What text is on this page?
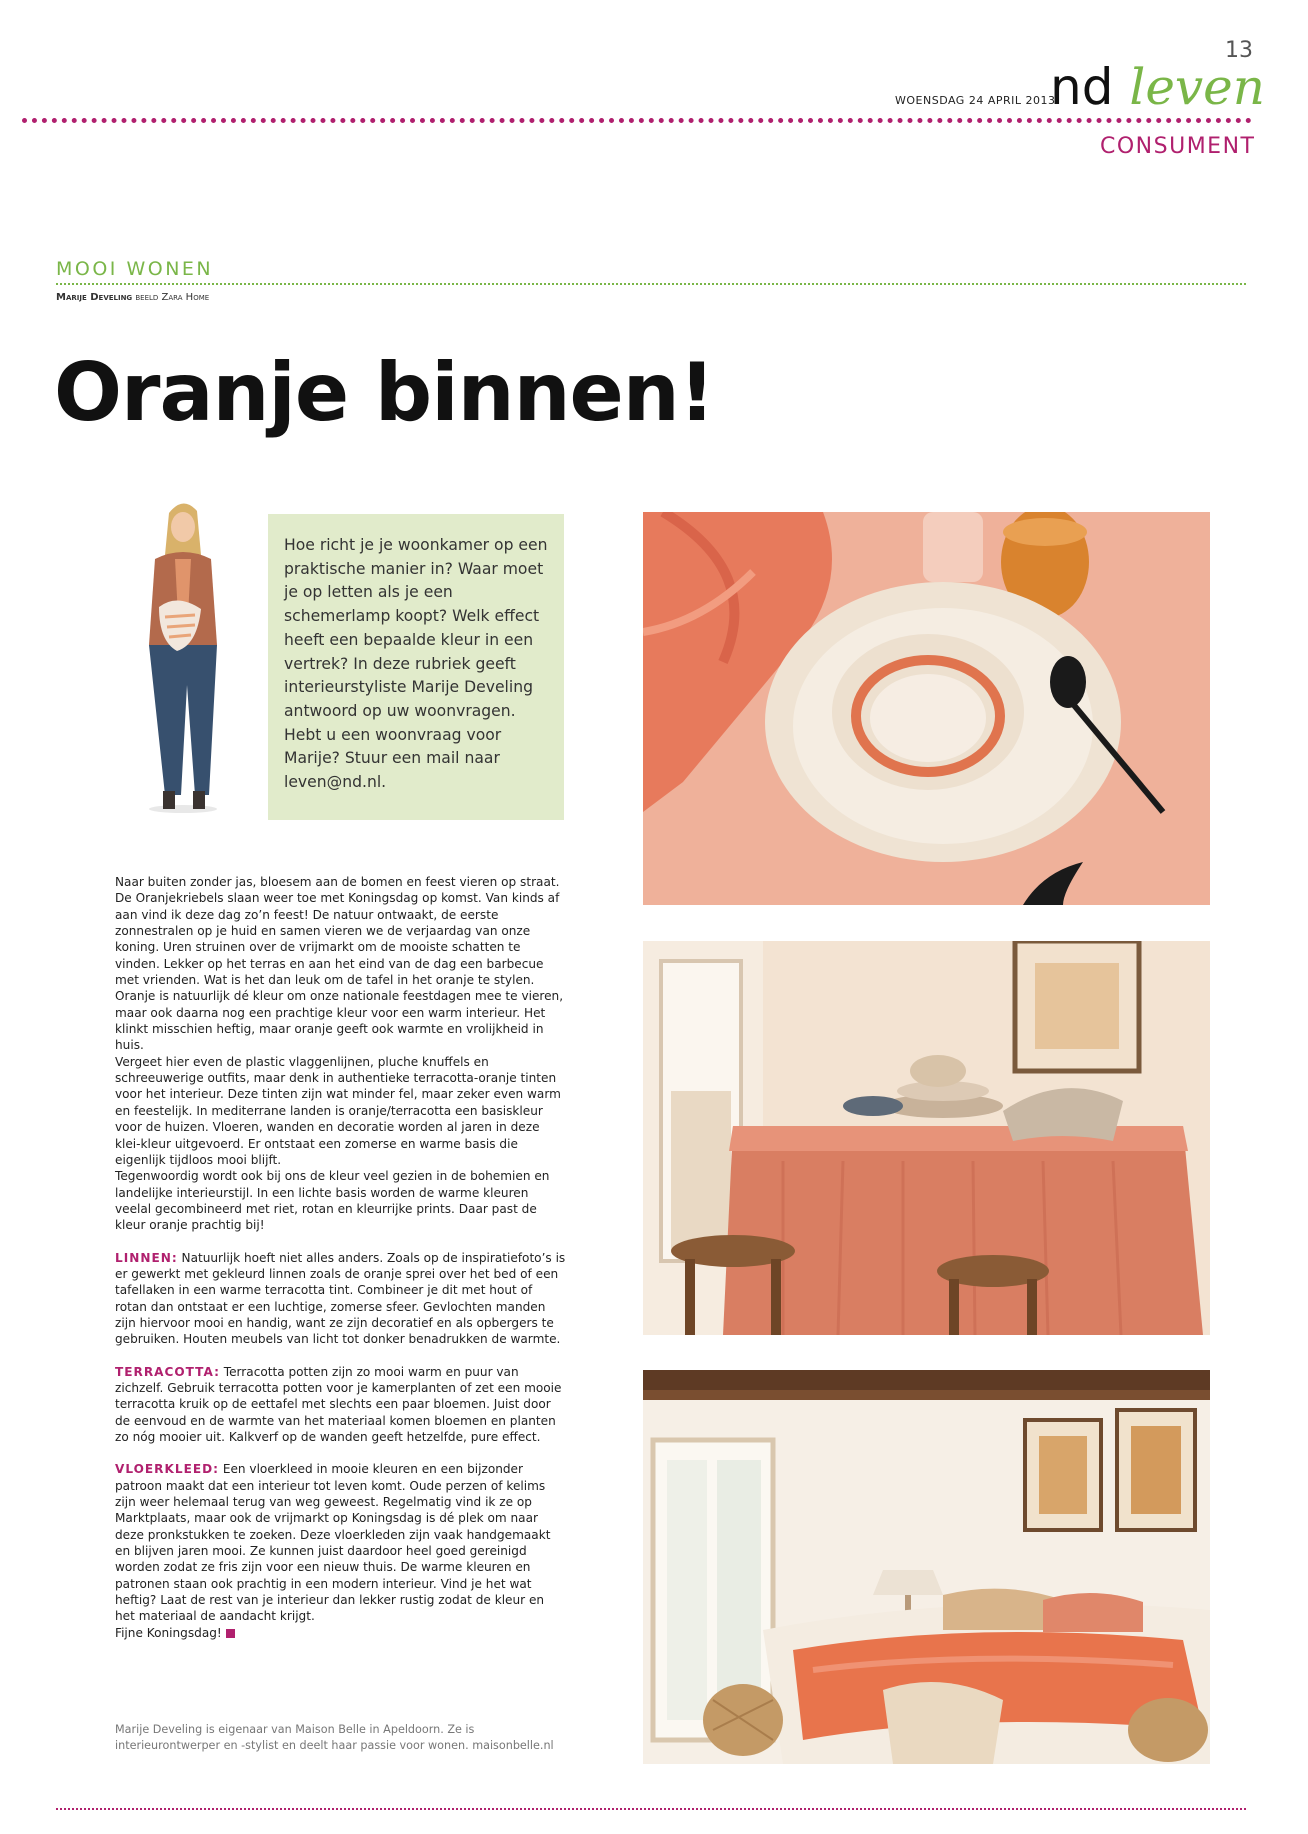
13
WOENSDAG 24 APRIL 2013
nd leven
CONSUMENT
MOOI WONEN
Marije Develing beeld Zara Home
Oranje binnen!
Hoe richt je je woonkamer op een praktische manier in? Waar moet je op letten als je een schemerlamp koopt? Welk effect heeft een bepaalde kleur in een vertrek? In deze rubriek geeft interieurstyliste Marije Develing antwoord op uw woonvragen. Hebt u een woonvraag voor Marije? Stuur een mail naar leven@nd.nl.

Naar buiten zonder jas, bloesem aan de bomen en feest vieren op straat. De Oranjekriebels slaan weer toe met Koningsdag op komst. Van kinds af aan vind ik deze dag zo’n feest! De natuur ontwaakt, de eerste zonnestralen op je huid en samen vieren we de verjaardag van onze koning. Uren struinen over de vrijmarkt om de mooiste schatten te vinden. Lekker op het terras en aan het eind van de dag een barbecue met vrienden. Wat is het dan leuk om de tafel in het oranje te stylen. Oranje is natuurlijk dé kleur om onze nationale feestdagen mee te vieren, maar ook daarna nog een prachtige kleur voor een warm interieur. Het klinkt misschien heftig, maar oranje geeft ook warmte en vrolijkheid in huis.

Vergeet hier even de plastic vlaggenlijnen, pluche knuffels en schreeuwerige outfits, maar denk in authentieke terracotta-oranje tinten voor het interieur. Deze tinten zijn wat minder fel, maar zeker even warm en feestelijk. In mediterrane landen is oranje/terracotta een basiskleur voor de huizen. Vloeren, wanden en decoratie worden al jaren in deze klei-kleur uitgevoerd. Er ontstaat een zomerse en warme basis die eigenlijk tijdloos mooi blijft.

Tegenwoordig wordt ook bij ons de kleur veel gezien in de bohemien en landelijke interieurstijl. In een lichte basis worden de warme kleuren veelal gecombineerd met riet, rotan en kleurrijke prints. Daar past de kleur oranje prachtig bij!

LINNEN: Natuurlijk hoeft niet alles anders. Zoals op de inspiratiefoto’s is er gewerkt met gekleurd linnen zoals de oranje sprei over het bed of een tafellaken in een warme terracotta tint. Combineer je dit met hout of rotan dan ontstaat er een luchtige, zomerse sfeer. Gevlochten manden zijn hiervoor mooi en handig, want ze zijn decoratief en als opbergers te gebruiken. Houten meubels van licht tot donker benadrukken de warmte.

TERRACOTTA: Terracotta potten zijn zo mooi warm en puur van zichzelf. Gebruik terracotta potten voor je kamerplanten of zet een mooie terracotta kruik op de eettafel met slechts een paar bloemen. Juist door de eenvoud en de warmte van het materiaal komen bloemen en planten zo nóg mooier uit. Kalkverf op de wanden geeft hetzelfde, pure effect.

VLOERKLEED: Een vloerkleed in mooie kleuren en een bijzonder patroon maakt dat een interieur tot leven komt. Oude perzen of kelims zijn weer helemaal terug van weg geweest. Regelmatig vind ik ze op Marktplaats, maar ook de vrijmarkt op Koningsdag is dé plek om naar deze pronkstukken te zoeken. Deze vloerkleden zijn vaak handgemaakt en blijven jaren mooi. Ze kunnen juist daardoor heel goed gereinigd worden zodat ze fris zijn voor een nieuw thuis. De warme kleuren en patronen staan ook prachtig in een modern interieur. Vind je het wat heftig? Laat de rest van je interieur dan lekker rustig zodat de kleur en het materiaal de aandacht krijgt.

Fijne Koningsdag!

Marije Develing is eigenaar van Maison Belle in Apeldoorn. Ze is interieurontwerper en -stylist en deelt haar passie voor wonen. maisonbelle.nl
